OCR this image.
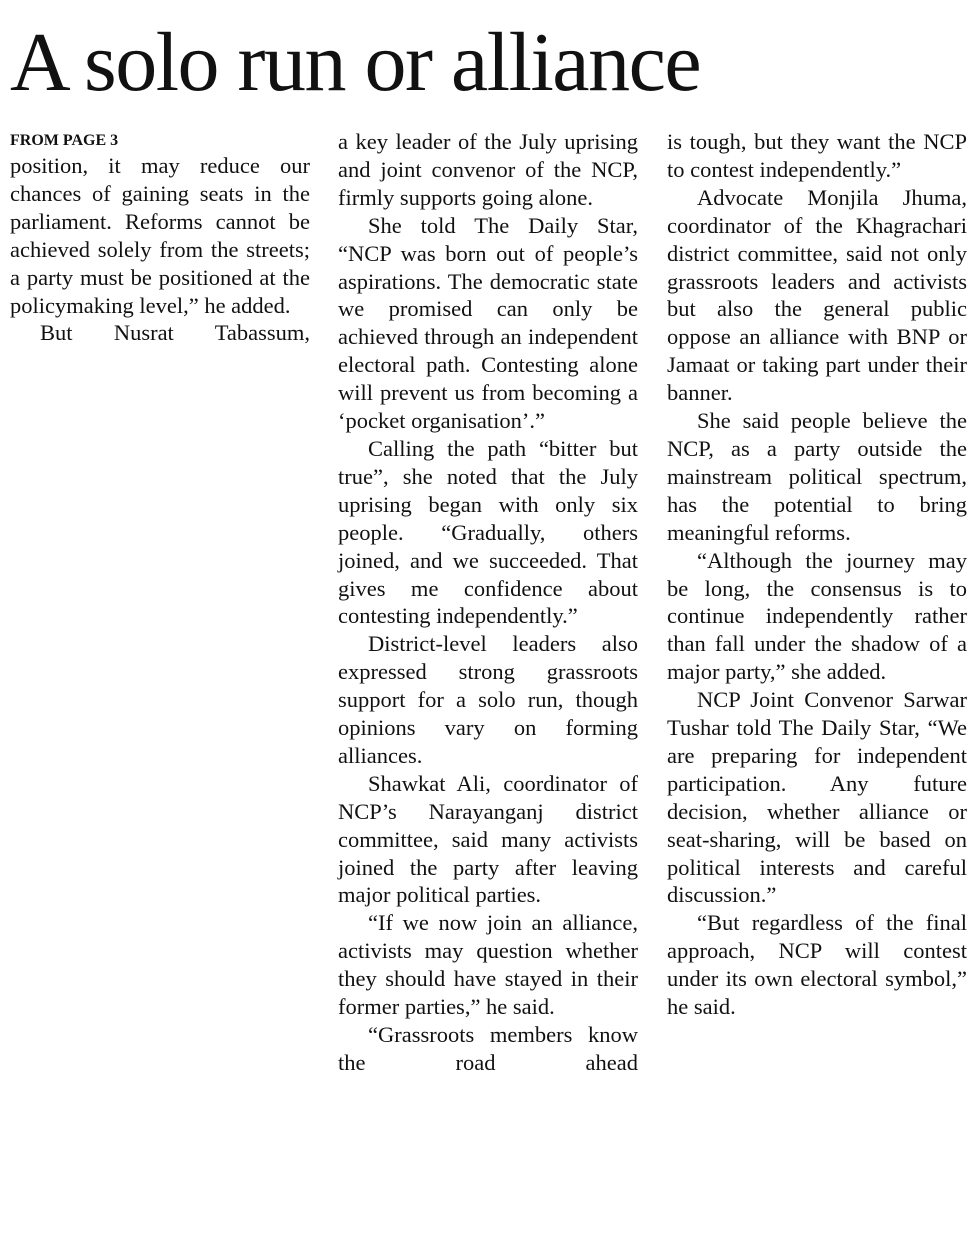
A solo run or alliance
FROM PAGE 3

position, it may reduce our chances of gaining seats in the parliament. Reforms cannot be achieved solely from the streets; a party must be positioned at the policymaking level,” he added.

But Nusrat Tabassum,

a key leader of the July uprising and joint convenor of the NCP, firmly supports going alone.

She told The Daily Star, “NCP was born out of people’s aspirations. The democratic state we promised can only be achieved through an independent electoral path. Contesting alone will prevent us from becoming a ‘pocket organisation’.”

Calling the path “bitter but true”, she noted that the July uprising began with only six people. “Gradually, others joined, and we succeeded. That gives me confidence about contesting independently.”

District-level leaders also expressed strong grassroots support for a solo run, though opinions vary on forming alliances.

Shawkat Ali, coordinator of NCP’s Narayanganj district committee, said many activists joined the party after leaving major political parties.

“If we now join an alliance, activists may question whether they should have stayed in their former parties,” he said.

“Grassroots members know the road ahead

is tough, but they want the NCP to contest independently.”

Advocate Monjila Jhuma, coordinator of the Khagrachari district committee, said not only grassroots leaders and activists but also the general public oppose an alliance with BNP or Jamaat or taking part under their banner.

She said people believe the NCP, as a party outside the mainstream political spectrum, has the potential to bring meaningful reforms.

“Although the journey may be long, the consensus is to continue independently rather than fall under the shadow of a major party,” she added.

NCP Joint Convenor Sarwar Tushar told The Daily Star, “We are preparing for independent participation. Any future decision, whether alliance or seat-sharing, will be based on political interests and careful discussion.”

“But regardless of the final approach, NCP will contest under its own electoral symbol,” he said.
